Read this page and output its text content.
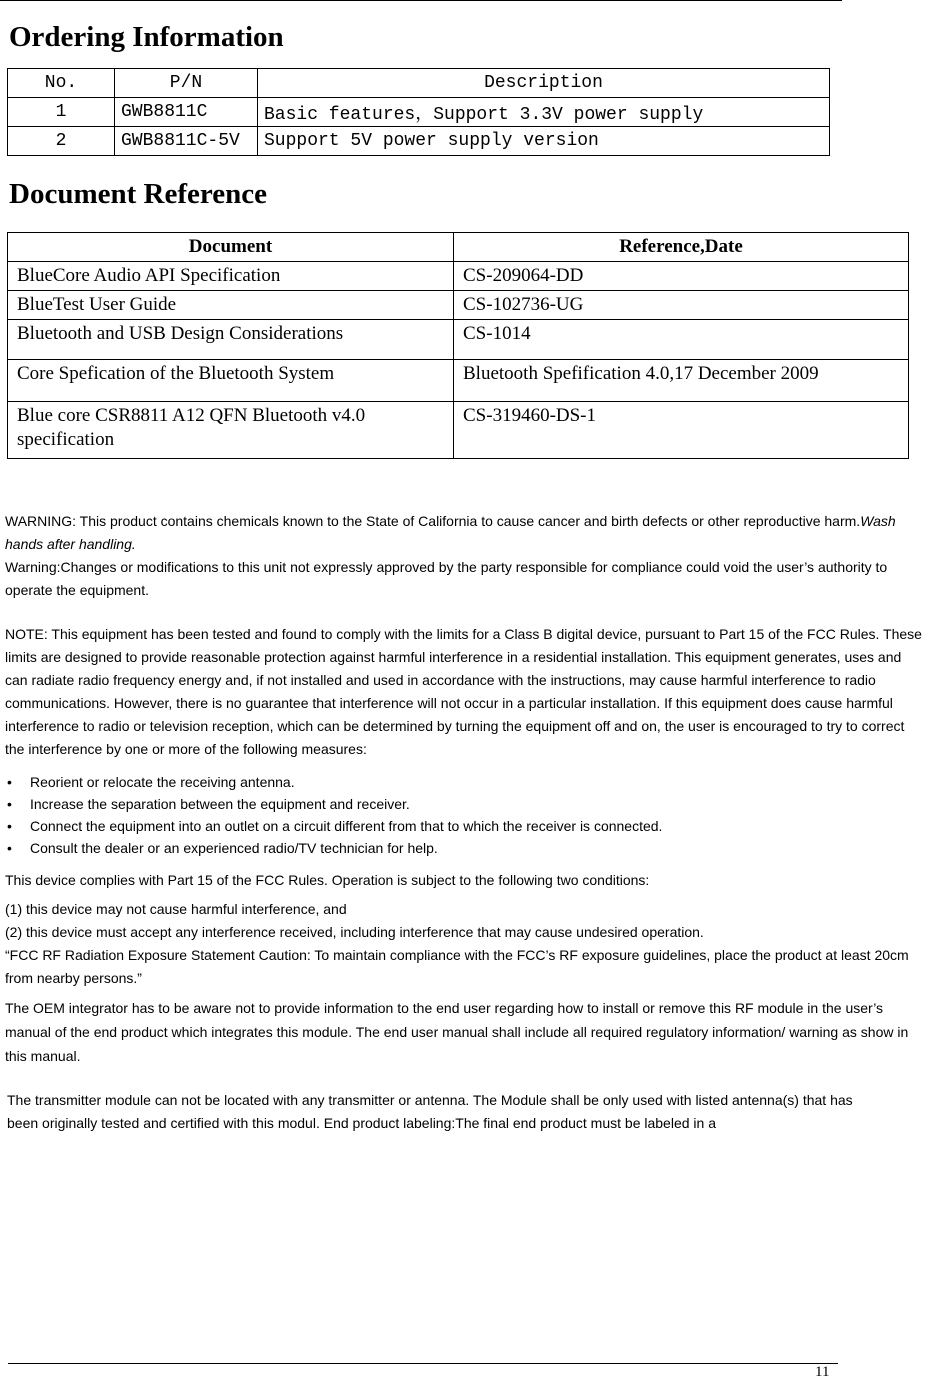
Ordering Information
No.	P/N	Description
1	GWB8811C	Basic features，Support 3.3V power supply
2	GWB8811C-5V	Support 5V power supply version
Document Reference
Document	Reference,Date
BlueCore Audio API Specification	CS-209064-DD
BlueTest User Guide	CS-102736-UG
Bluetooth and USB Design Considerations	CS-1014
Core Spefication of the Bluetooth System	Bluetooth Spefification 4.0,17 December 2009
Blue core CSR8811 A12 QFN Bluetooth v4.0 specification	CS-319460-DS-1

WARNING: This product contains chemicals known to the State of California to cause cancer and birth defects or other reproductive harm.Wash hands after handling.

Warning:Changes or modifications to this unit not expressly approved by the party responsible for compliance could void the user’s authority to operate the equipment.

NOTE: This equipment has been tested and found to comply with the limits for a Class B digital device, pursuant to Part 15 of the FCC Rules. These limits are designed to provide reasonable protection against harmful interference in a residential installation. This equipment generates, uses and can radiate radio frequency energy and, if not installed and used in accordance with the instructions, may cause harmful interference to radio communications. However, there is no guarantee that interference will not occur in a particular installation. If this equipment does cause harmful interference to radio or television reception, which can be determined by turning the equipment off and on, the user is encouraged to try to correct the interference by one or more of the following measures:

• Reorient or relocate the receiving antenna.
• Increase the separation between the equipment and receiver.
• Connect the equipment into an outlet on a circuit different from that to which the receiver is connected.
• Consult the dealer or an experienced radio/TV technician for help.

This device complies with Part 15 of the FCC Rules. Operation is subject to the following two conditions:

(1) this device may not cause harmful interference, and

(2) this device must accept any interference received, including interference that may cause undesired operation.

“FCC RF Radiation Exposure Statement Caution: To maintain compliance with the FCC’s RF exposure guidelines, place the product at least 20cm from nearby persons.”

The OEM integrator has to be aware not to provide information to the end user regarding how to install or remove this RF module in the user’s manual of the end product which integrates this module. The end user manual shall include all required regulatory information/ warning as show in this manual.

The transmitter module can not be located with any transmitter or antenna. The Module shall be only used with listed antenna(s) that has been originally tested and certified with this modul. End product labeling:The final end product must be labeled in a

11
